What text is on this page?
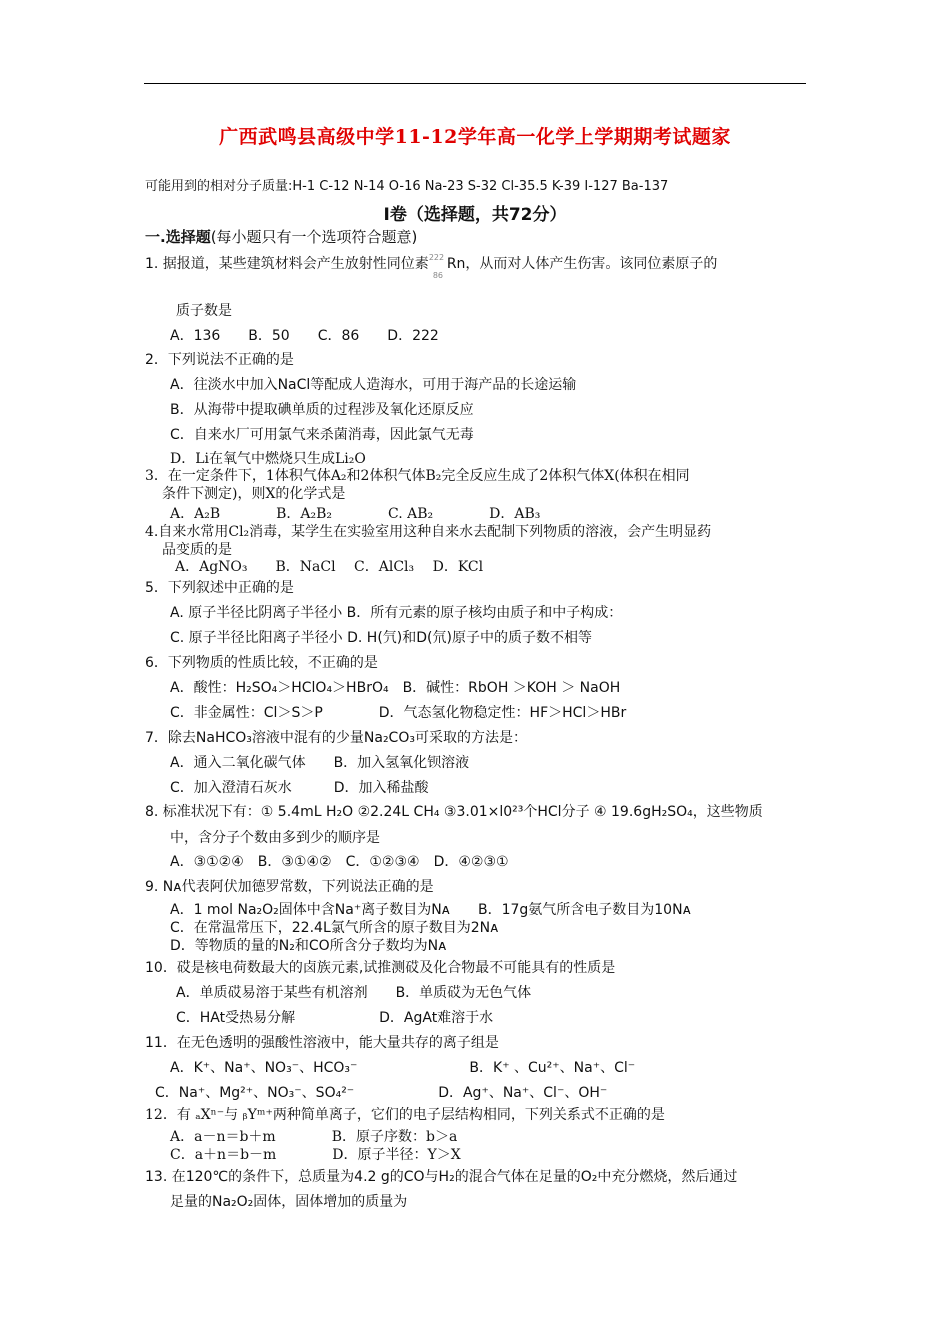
广西武鸣县高级中学11-12学年高一化学上学期期考试题家
可能用到的相对分子质量:H-1 C-12 N-14 O-16 Na-23 S-32 Cl-35.5 K-39 I-127 Ba-137
Ⅰ卷（选择题，共72分）
一.选择题(每小题只有一个选项符合题意)
1. 据报道，某些建筑材料会产生放射性同位素 222
86
Rn，从而对人体产生伤害。该同位素原子的
质子数是
A．136　　B．50　　C．86　　D．222
2．下列说法不正确的是
A．往淡水中加入NaCl等配成人造海水，可用于海产品的长途运输
B．从海带中提取碘单质的过程涉及氧化还原反应
C．自来水厂可用氯气来杀菌消毒，因此氯气无毒
D．Li在氧气中燃烧只生成Li₂O
3．在一定条件下，1体积气体A₂和2体积气体B₂完全反应生成了2体积气体X(体积在相同
条件下测定)，则X的化学式是
A．A₂B　　　　B．A₂B₂　　　　C. AB₂　　　　D．AB₃
4.自来水常用Cl₂消毒，某学生在实验室用这种自来水去配制下列物质的溶液，会产生明显药
品变质的是
A．AgNO₃　　B．NaCl　 C．AlCl₃　 D．KCl
5．下列叙述中正确的是
A. 原子半径比阴离子半径小 B．所有元素的原子核均由质子和中子构成：
C. 原子半径比阳离子半径小 D. H(氕)和D(氘)原子中的质子数不相等
6．下列物质的性质比较，不正确的是
A．酸性：H₂SO₄＞HClO₄＞HBrO₄　B．碱性：RbOH ＞KOH ＞ NaOH
C．非金属性：Cl＞S＞P　　　　D．气态氢化物稳定性：HF＞HCl＞HBr
7．除去NaHCO₃溶液中混有的少量Na₂CO₃可采取的方法是：
A．通入二氧化碳气体　　B．加入氢氧化钡溶液
C．加入澄清石灰水　　　D．加入稀盐酸
8. 标准状况下有：① 5.4mL H₂O ②2.24L CH₄ ③3.01×l0²³个HCl分子 ④ 19.6gH₂SO₄，这些物质
中，含分子个数由多到少的顺序是
A．③①②④　B．③①④②　C．①②③④　D．④②③①
9. Nᴀ代表阿伏加德罗常数，下列说法正确的是
A．1 mol Na₂O₂固体中含Na⁺离子数目为Nᴀ　　B．17g氨气所含电子数目为10Nᴀ
C．在常温常压下，22.4L氯气所含的原子数目为2Nᴀ
D．等物质的量的N₂和CO所含分子数均为Nᴀ
10．砹是核电荷数最大的卤族元素,试推测砹及化合物最不可能具有的性质是
A．单质砹易溶于某些有机溶剂　　B．单质砹为无色气体
C．HAt受热易分解　　　　　　D．AgAt难溶于水
11．在无色透明的强酸性溶液中，能大量共存的离子组是
A．K⁺、Na⁺、NO₃⁻、HCO₃⁻　　　　　　　　B．K⁺ 、Cu²⁺、Na⁺、Cl⁻
C．Na⁺、Mg²⁺、NO₃⁻、SO₄²⁻　　　　　　D．Ag⁺、Na⁺、Cl⁻、OH⁻
12．有 ₐXⁿ⁻与 ᵦYᵐ⁺两种简单离子，它们的电子层结构相同，下列关系式不正确的是
A．a－n＝b＋m　　　　B．原子序数：b＞a
C．a＋n＝b－m　　　　D．原子半径：Y＞X
13. 在120℃的条件下，总质量为4.2 g的CO与H₂的混合气体在足量的O₂中充分燃烧，然后通过
足量的Na₂O₂固体，固体增加的质量为
